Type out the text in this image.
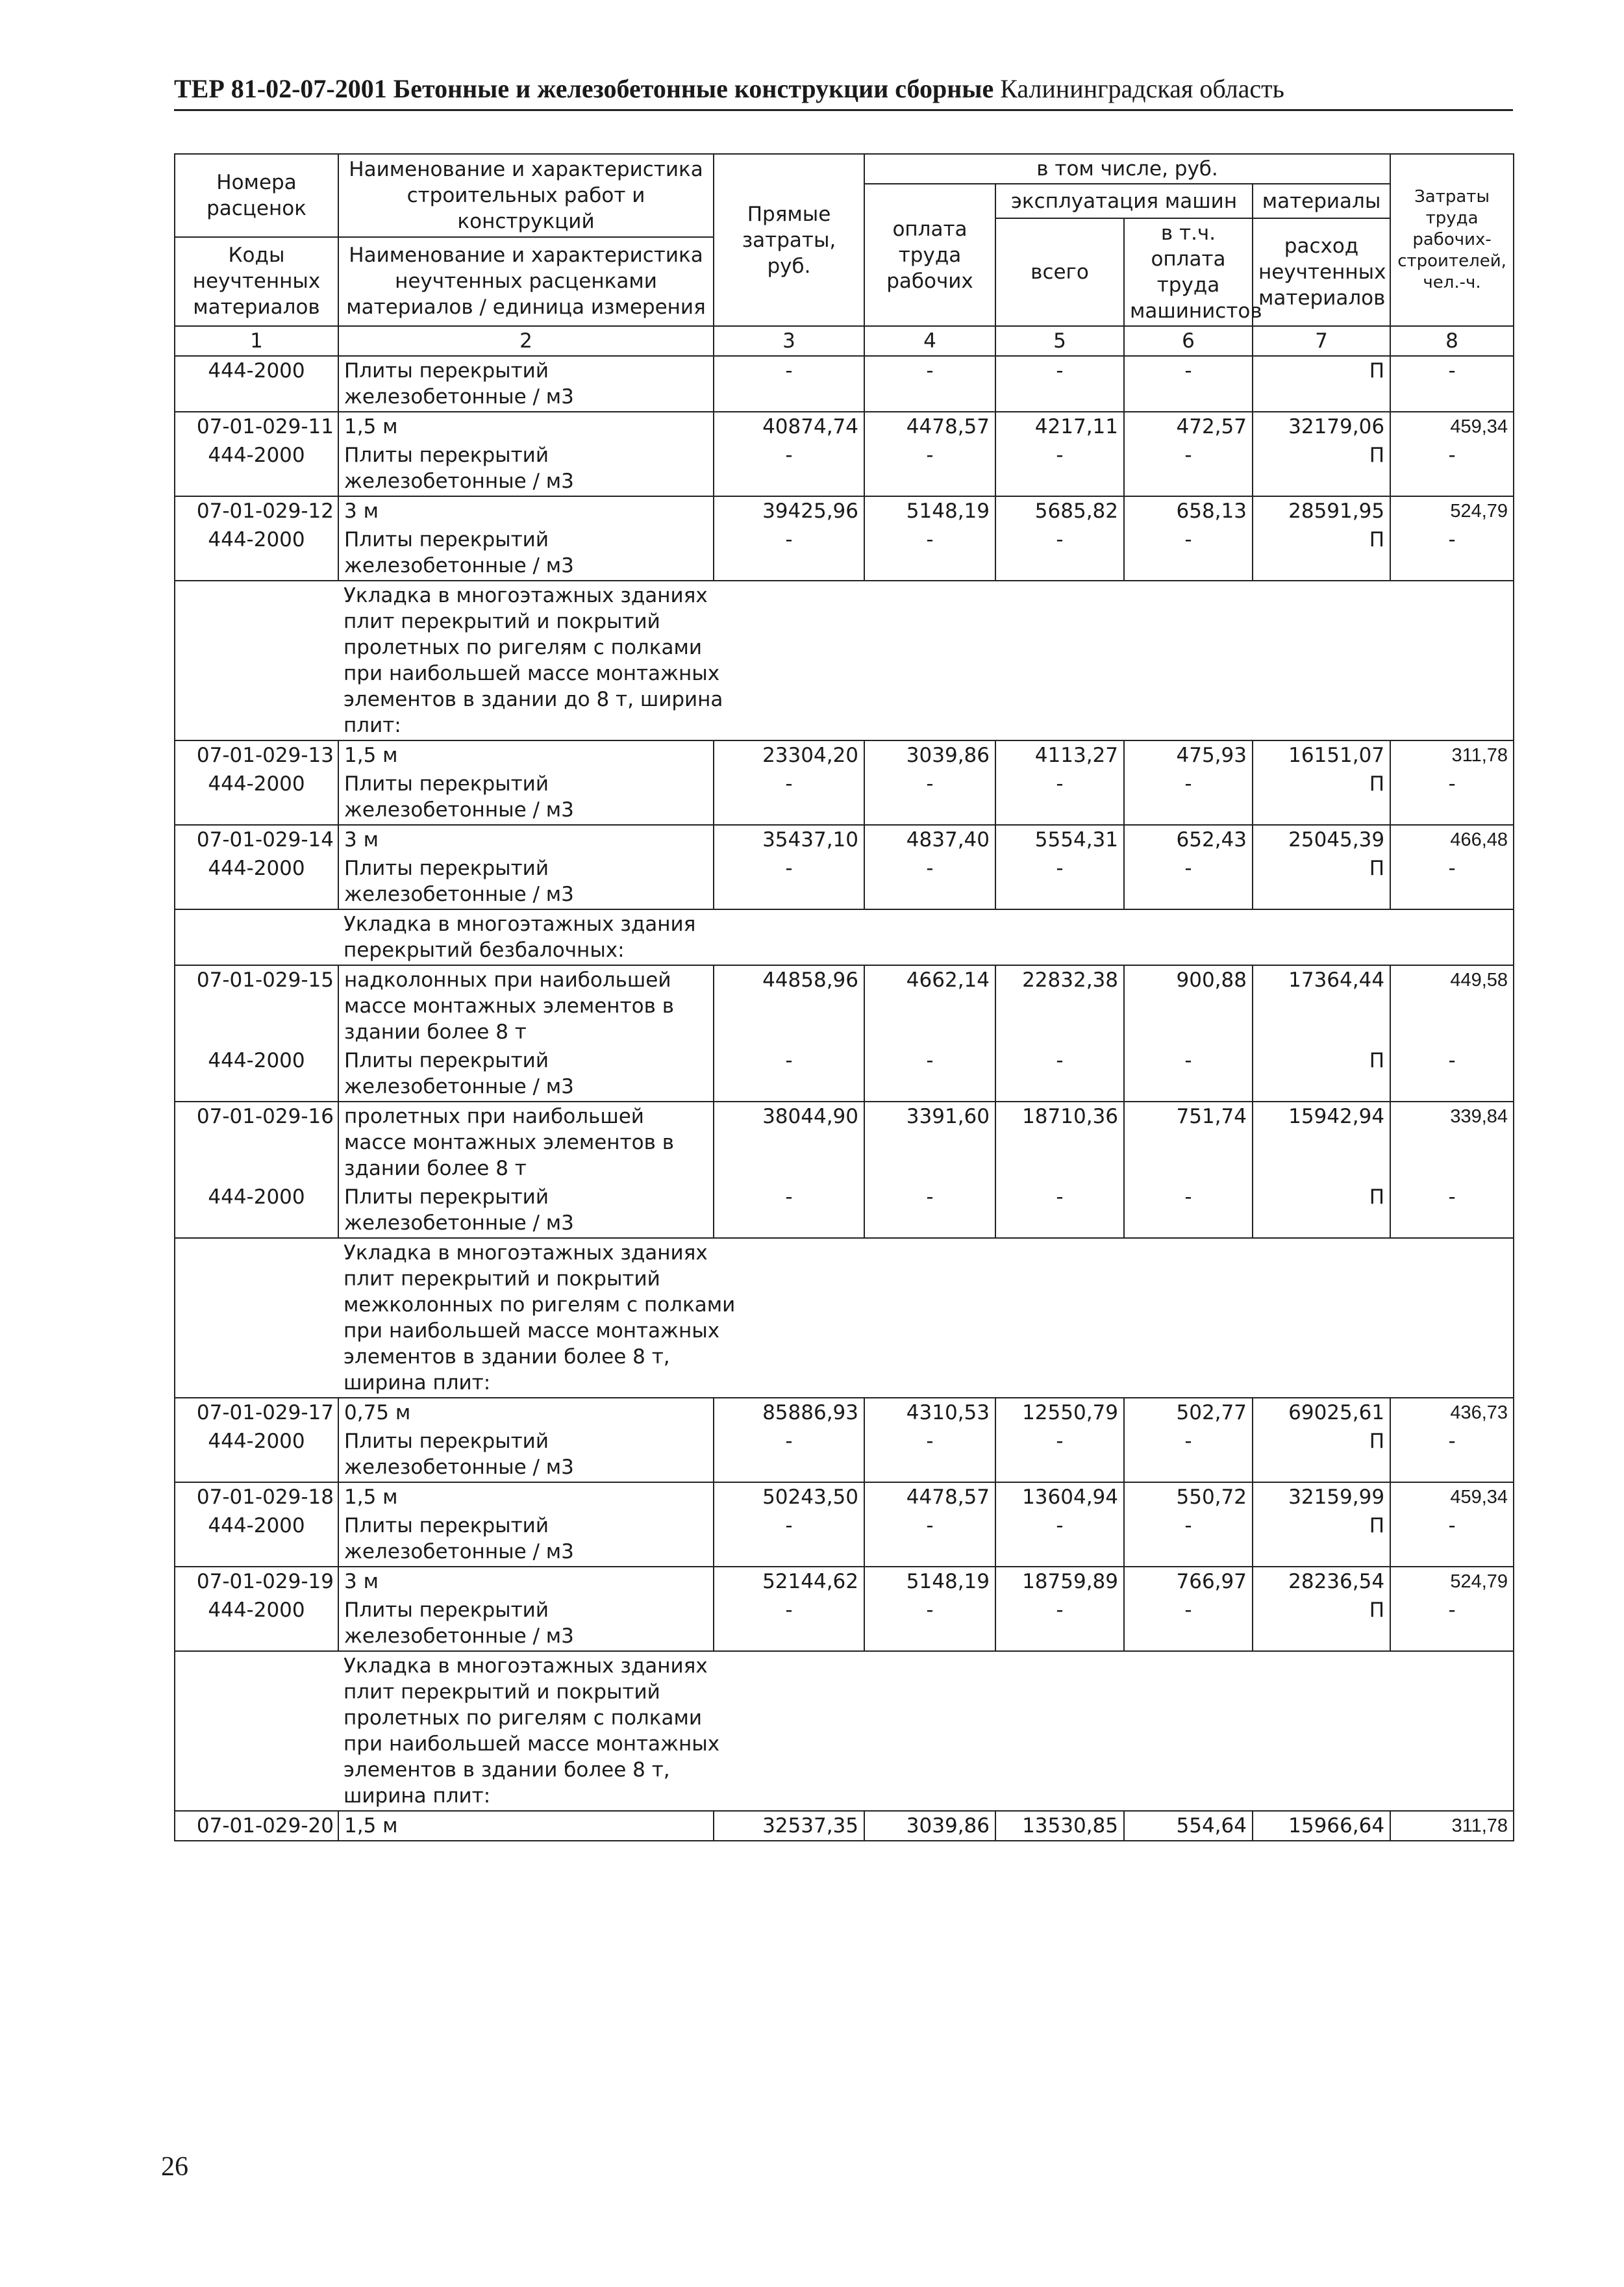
ТЕР 81-02-07-2001 Бетонные и железобетонные конструкции сборные Калининградская область
Номера расценок	Наименование и характеристика строительных работ и конструкций	Прямые затраты, руб.	в том числе, руб.				Затраты труда рабочих-строителей, чел.-ч.
			оплата труда рабочих	эксплуатация машин		материалы	
				всего	в т.ч. оплата труда машинистов	расход неучтенных материалов	
Коды неучтенных материалов	Наименование и характеристика неучтенных расценками материалов / единица измерения						
1	2	3	4	5	6	7	8
444-2000	Плиты перекрытий железобетонные / м3	-	-	-	-	П	-
07-01-029-11	1,5 м	40874,74	4478,57	4217,11	472,57	32179,06	459,34
444-2000	Плиты перекрытий железобетонные / м3	-	-	-	-	П	-
07-01-029-12	3 м	39425,96	5148,19	5685,82	658,13	28591,95	524,79
444-2000	Плиты перекрытий железобетонные / м3	-	-	-	-	П	-
	Укладка в многоэтажных зданиях плит перекрытий и покрытий пролетных по ригелям с полками при наибольшей массе монтажных элементов в здании до 8 т, ширина плит:						
07-01-029-13	1,5 м	23304,20	3039,86	4113,27	475,93	16151,07	311,78
444-2000	Плиты перекрытий железобетонные / м3	-	-	-	-	П	-
07-01-029-14	3 м	35437,10	4837,40	5554,31	652,43	25045,39	466,48
444-2000	Плиты перекрытий железобетонные / м3	-	-	-	-	П	-
	Укладка в многоэтажных здания перекрытий безбалочных:						
07-01-029-15	надколонных при наибольшей массе монтажных элементов в здании более 8 т	44858,96	4662,14	22832,38	900,88	17364,44	449,58
444-2000	Плиты перекрытий железобетонные / м3	-	-	-	-	П	-
07-01-029-16	пролетных при наибольшей массе монтажных элементов в здании более 8 т	38044,90	3391,60	18710,36	751,74	15942,94	339,84
444-2000	Плиты перекрытий железобетонные / м3	-	-	-	-	П	-
	Укладка в многоэтажных зданиях плит перекрытий и покрытий межколонных по ригелям с полками при наибольшей массе монтажных элементов в здании более 8 т, ширина плит:						
07-01-029-17	0,75 м	85886,93	4310,53	12550,79	502,77	69025,61	436,73
444-2000	Плиты перекрытий железобетонные / м3	-	-	-	-	П	-
07-01-029-18	1,5 м	50243,50	4478,57	13604,94	550,72	32159,99	459,34
444-2000	Плиты перекрытий железобетонные / м3	-	-	-	-	П	-
07-01-029-19	3 м	52144,62	5148,19	18759,89	766,97	28236,54	524,79
444-2000	Плиты перекрытий железобетонные / м3	-	-	-	-	П	-
	Укладка в многоэтажных зданиях плит перекрытий и покрытий пролетных по ригелям с полками при наибольшей массе монтажных элементов в здании более 8 т, ширина плит:						
07-01-029-20	1,5 м	32537,35	3039,86	13530,85	554,64	15966,64	311,78
26
